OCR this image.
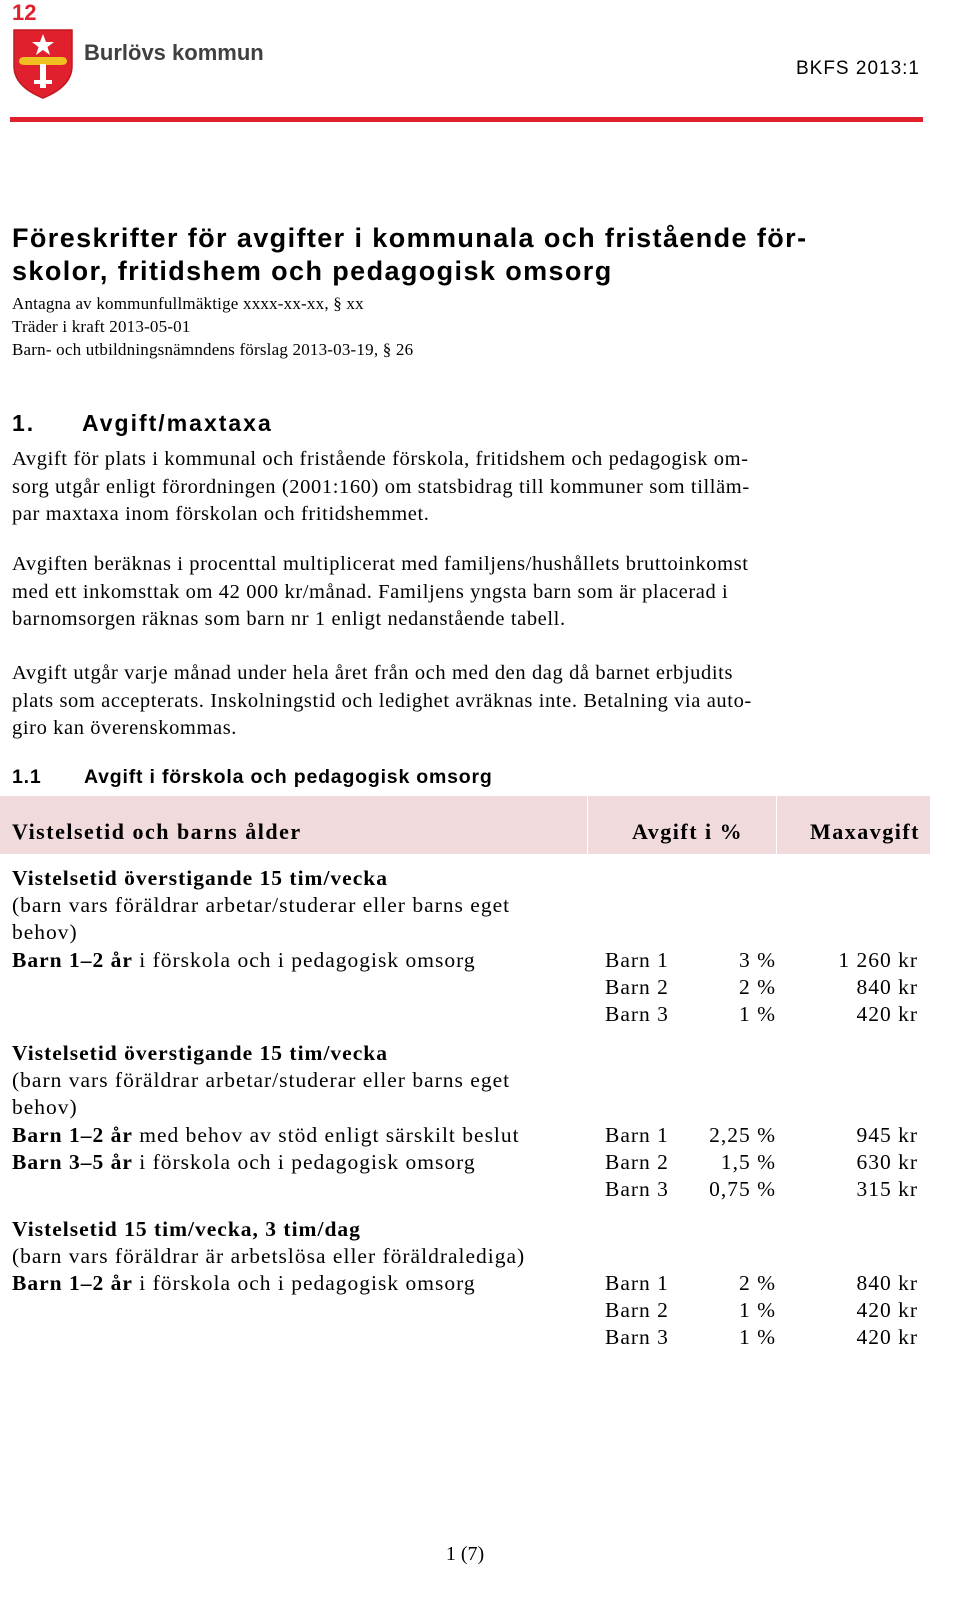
12
Burlövs kommun
BKFS 2013:1
Föreskrifter för avgifter i kommunala och fristående för-
skolor, fritidshem och pedagogisk omsorg
Antagna av kommunfullmäktige xxxx-xx-xx, § xx
Träder i kraft 2013-05-01
Barn- och utbildningsnämndens förslag 2013-03-19, § 26
1. Avgift/maxtaxa
Avgift för plats i kommunal och fristående förskola, fritidshem och pedagogisk om-
sorg utgår enligt förordningen (2001:160) om statsbidrag till kommuner som tilläm-
par maxtaxa inom förskolan och fritidshemmet.
Avgiften beräknas i procenttal multiplicerat med familjens/hushållets bruttoinkomst
med ett inkomsttak om 42 000 kr/månad. Familjens yngsta barn som är placerad i
barnomsorgen räknas som barn nr 1 enligt nedanstående tabell.
Avgift utgår varje månad under hela året från och med den dag då barnet erbjudits
plats som accepterats. Inskolningstid och ledighet avräknas inte. Betalning via auto-
giro kan överenskommas.
1.1 Avgift i förskola och pedagogisk omsorg
Vistelsetid och barns ålder	Avgift i %	Maxavgift
Vistelsetid överstigande 15 tim/vecka
(barn vars föräldrar arbetar/studerar eller barns eget
behov)
Barn 1–2 år i förskola och i pedagogisk omsorg	Barn 1	3 %	1 260 kr
Barn 2	2 %	840 kr
Barn 3	1 %	420 kr
Vistelsetid överstigande 15 tim/vecka
(barn vars föräldrar arbetar/studerar eller barns eget
behov)
Barn 1–2 år med behov av stöd enligt särskilt beslut	Barn 1 2,25 %	945 kr
Barn 3–5 år i förskola och i pedagogisk omsorg	Barn 2 1,5 %	630 kr
Barn 3 0,75 %	315 kr
Vistelsetid 15 tim/vecka, 3 tim/dag
(barn vars föräldrar är arbetslösa eller föräldralediga)
Barn 1–2 år i förskola och i pedagogisk omsorg	Barn 1	2 %	840 kr
Barn 2	1 %	420 kr
Barn 3	1 %	420 kr
1 (7)
